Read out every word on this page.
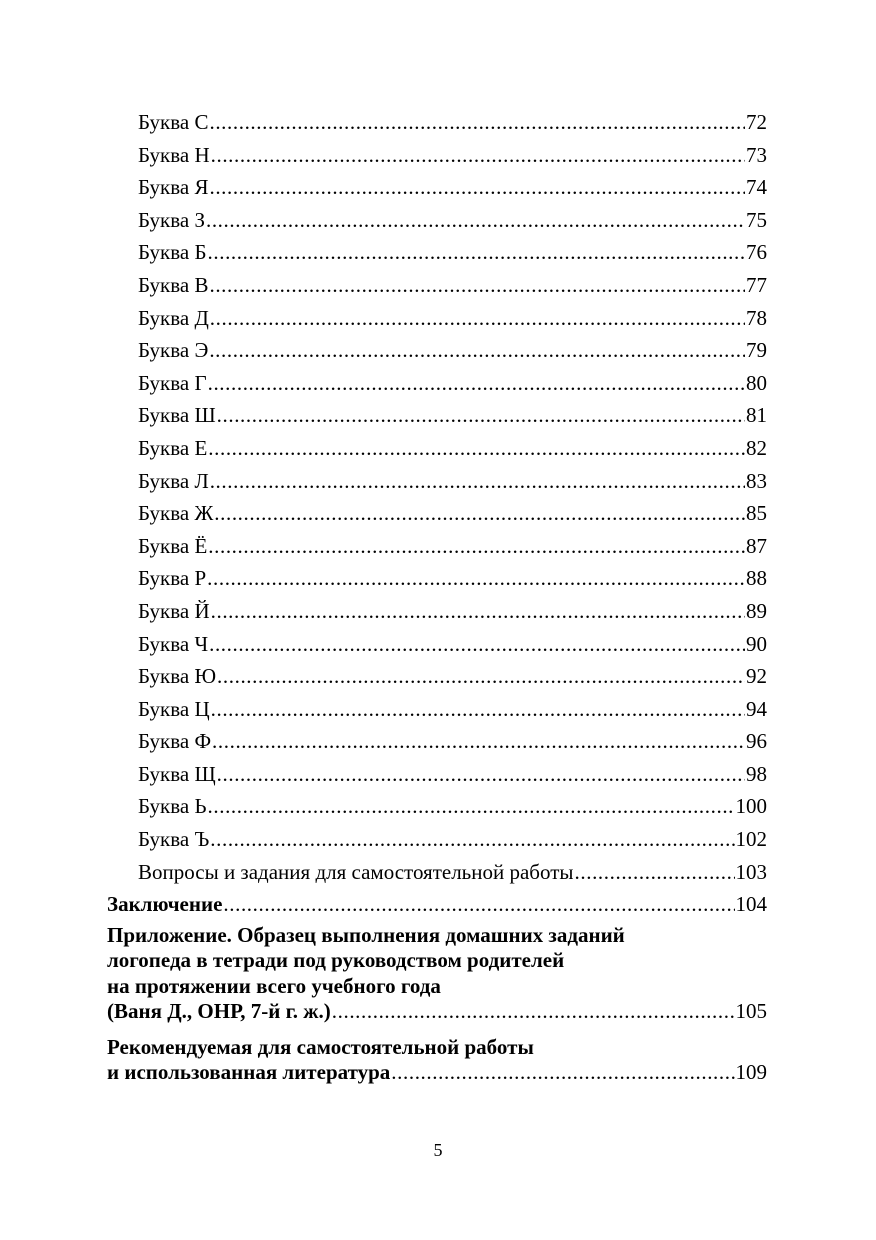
Буква С .....	72
Буква Н .....	73
Буква Я .....	74
Буква З .....	75
Буква Б .....	76
Буква В .....	77
Буква Д .....	78
Буква Э .....	79
Буква Г .....	80
Буква Ш .....	81
Буква Е .....	82
Буква Л .....	83
Буква Ж .....	85
Буква Ё .....	87
Буква Р .....	88
Буква Й .....	89
Буква Ч .....	90
Буква Ю .....	92
Буква Ц .....	94
Буква Ф .....	96
Буква Щ .....	98
Буква Ь .....	100
Буква Ъ .....	102
Вопросы и задания для самостоятельной работы .....	103
Заключение .....	104
Приложение. Образец выполнения домашних заданий
логопеда в тетради под руководством родителей
на протяжении всего учебного года
(Ваня Д., ОНР, 7-й г. ж.) .....	105
Рекомендуемая для самостоятельной работы
и использованная литература .....	109
5
